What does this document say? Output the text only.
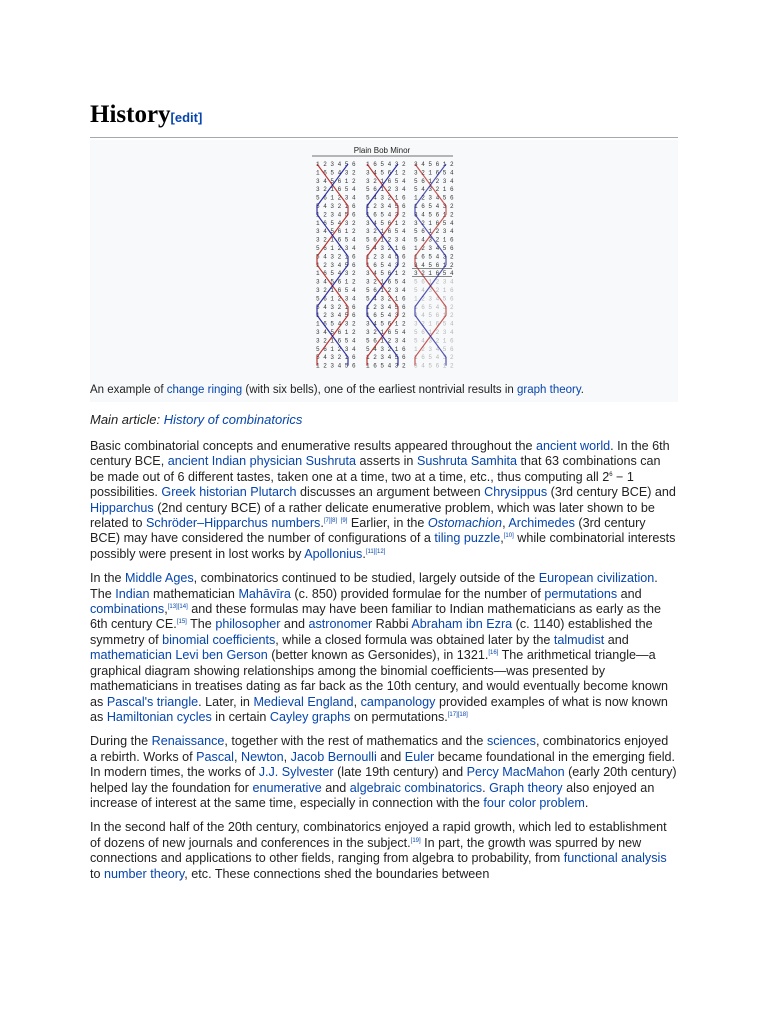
History[edit]
Plain Bob Minor
1 2 3 4 5 6
1 6 5 4 3 2
3 4 5 6 1 2
3 2 1 6 5 4
5 6 1 2 3 4
5 4 3 2 1 6
1 2 3 4 5 6
1 6 5 4 3 2
3 4 5 6 1 2
3 2 1 6 5 4
5 6 1 2 3 4
5 4 3 2 1 6
1 2 3 4 5 6
1 6 5 4 3 2
3 4 5 6 1 2
3 2 1 6 5 4
5 6 1 2 3 4
5 4 3 2 1 6
1 2 3 4 5 6
1 6 5 4 3 2
3 4 5 6 1 2
3 2 1 6 5 4
5 6 1 2 3 4
5 4 3 2 1 6
1 2 3 4 5 6
1 6 5 4 3 2
3 4 5 6 1 2
3 2 1 6 5 4
5 6 1 2 3 4
5 4 3 2 1 6
1 2 3 4 5 6
1 6 5 4 3 2
3 4 5 6 1 2
3 2 1 6 5 4
5 6 1 2 3 4
5 4 3 2 1 6
1 2 3 4 5 6
1 6 5 4 3 2
3 4 5 6 1 2
3 2 1 6 5 4
5 6 1 2 3 4
5 4 3 2 1 6
1 2 3 4 5 6
1 6 5 4 3 2
3 4 5 6 1 2
3 2 1 6 5 4
5 6 1 2 3 4
5 4 3 2 1 6
1 2 3 4 5 6
1 6 5 4 3 2
3 4 5 6 1 2
3 2 1 6 5 4
5 6 1 2 3 4
5 4 3 2 1 6
1 2 3 4 5 6
1 6 5 4 3 2
3 4 5 6 1 2
3 2 1 6 5 4
5 6 1 2 3 4
5 4 3 2 1 6
1 2 3 4 5 6
1 6 5 4 3 2
3 4 5 6 1 2
3 2 1 6 5 4
5 6 1 2 3 4
5 4 3 2 1 6
1 2 3 4 5 6
1 6 5 4 3 2
3 4 5 6 1 2
3 2 1 6 5 4
5 6 1 2 3 4
5 4 3 2 1 6
1 2 3 4 5 6
1 6 5 4 3 2
3 4 5 6 1 2
An example of change ringing (with six bells), one of the earliest nontrivial results in graph theory.
Main article: History of combinatorics

Basic combinatorial concepts and enumerative results appeared throughout the ancient world. In the 6th century BCE, ancient Indian physician Sushruta asserts in Sushruta Samhita that 63 combinations can be made out of 6 different tastes, taken one at a time, two at a time, etc., thus computing all $2^6 - 1$ possibilities. Greek historian Plutarch discusses an argument between Chrysippus (3rd century BCE) and Hipparchus (2nd century BCE) of a rather delicate enumerative problem, which was later shown to be related to Schröder–Hipparchus numbers.[7][8] [9] Earlier, in the Ostomachion, Archimedes (3rd century BCE) may have considered the number of configurations of a tiling puzzle,[10] while combinatorial interests possibly were present in lost works by Apollonius.[11][12]

In the Middle Ages, combinatorics continued to be studied, largely outside of the European civilization. The Indian mathematician Mahāvīra (c. 850) provided formulae for the number of permutations and combinations,[13][14] and these formulas may have been familiar to Indian mathematicians as early as the 6th century CE.[15] The philosopher and astronomer Rabbi Abraham ibn Ezra (c. 1140) established the symmetry of binomial coefficients, while a closed formula was obtained later by the talmudist and mathematician Levi ben Gerson (better known as Gersonides), in 1321.[16] The arithmetical triangle—a graphical diagram showing relationships among the binomial coefficients—was presented by mathematicians in treatises dating as far back as the 10th century, and would eventually become known as Pascal's triangle. Later, in Medieval England, campanology provided examples of what is now known as Hamiltonian cycles in certain Cayley graphs on permutations.[17][18]

During the Renaissance, together with the rest of mathematics and the sciences, combinatorics enjoyed a rebirth. Works of Pascal, Newton, Jacob Bernoulli and Euler became foundational in the emerging field. In modern times, the works of J.J. Sylvester (late 19th century) and Percy MacMahon (early 20th century) helped lay the foundation for enumerative and algebraic combinatorics. Graph theory also enjoyed an increase of interest at the same time, especially in connection with the four color problem.

In the second half of the 20th century, combinatorics enjoyed a rapid growth, which led to establishment of dozens of new journals and conferences in the subject.[19] In part, the growth was spurred by new connections and applications to other fields, ranging from algebra to probability, from functional analysis to number theory, etc. These connections shed the boundaries between
